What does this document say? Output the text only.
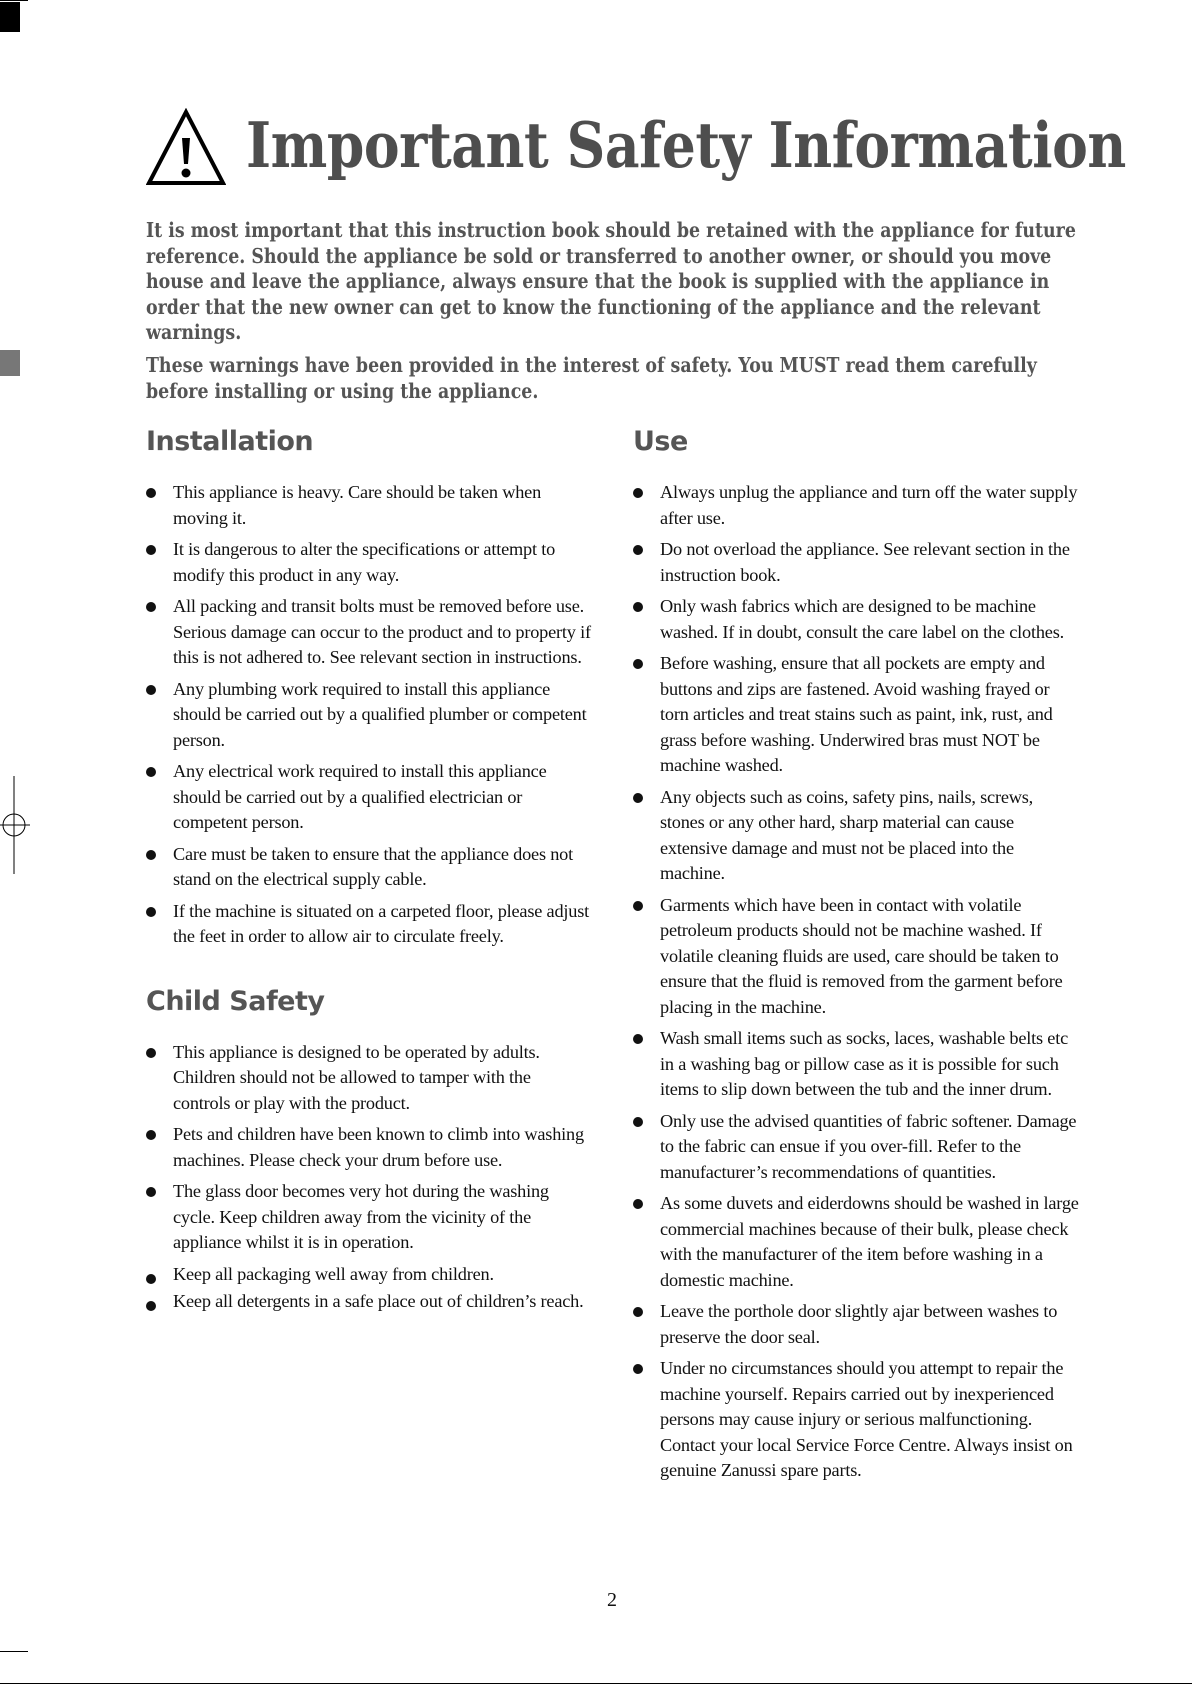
Important Safety Information

It is most important that this instruction book should be retained with the appliance for future reference. Should the appliance be sold or transferred to another owner, or should you move house and leave the appliance, always ensure that the book is supplied with the appliance in order that the new owner can get to know the functioning of the appliance and the relevant warnings.

These warnings have been provided in the interest of safety. You MUST read them carefully before installing or using the appliance.

Installation
This appliance is heavy. Care should be taken when moving it.
It is dangerous to alter the specifications or attempt to modify this product in any way.
All packing and transit bolts must be removed before use. Serious damage can occur to the product and to property if this is not adhered to. See relevant section in instructions.
Any plumbing work required to install this appliance should be carried out by a qualified plumber or competent person.
Any electrical work required to install this appliance should be carried out by a qualified electrician or competent person.
Care must be taken to ensure that the appliance does not stand on the electrical supply cable.
If the machine is situated on a carpeted floor, please adjust the feet in order to allow air to circulate freely.
Child Safety
This appliance is designed to be operated by adults. Children should not be allowed to tamper with the controls or play with the product.
Pets and children have been known to climb into washing machines. Please check your drum before use.
The glass door becomes very hot during the washing cycle. Keep children away from the vicinity of the appliance whilst it is in operation.
Keep all packaging well away from children.
Keep all detergents in a safe place out of children’s reach.
Use
Always unplug the appliance and turn off the water supply after use.
Do not overload the appliance. See relevant section in the instruction book.
Only wash fabrics which are designed to be machine washed. If in doubt, consult the care label on the clothes.
Before washing, ensure that all pockets are empty and buttons and zips are fastened. Avoid washing frayed or torn articles and treat stains such as paint, ink, rust, and grass before washing. Underwired bras must NOT be machine washed.
Any objects such as coins, safety pins, nails, screws, stones or any other hard, sharp material can cause extensive damage and must not be placed into the machine.
Garments which have been in contact with volatile petroleum products should not be machine washed. If volatile cleaning fluids are used, care should be taken to ensure that the fluid is removed from the garment before placing in the machine.
Wash small items such as socks, laces, washable belts etc in a washing bag or pillow case as it is possible for such items to slip down between the tub and the inner drum.
Only use the advised quantities of fabric softener. Damage to the fabric can ensue if you over-fill. Refer to the manufacturer’s recommendations of quantities.
As some duvets and eiderdowns should be washed in large commercial machines because of their bulk, please check with the manufacturer of the item before washing in a domestic machine.
Leave the porthole door slightly ajar between washes to preserve the door seal.
Under no circumstances should you attempt to repair the machine yourself. Repairs carried out by inexperienced persons may cause injury or serious malfunctioning. Contact your local Service Force Centre. Always insist on genuine Zanussi spare parts.
2
